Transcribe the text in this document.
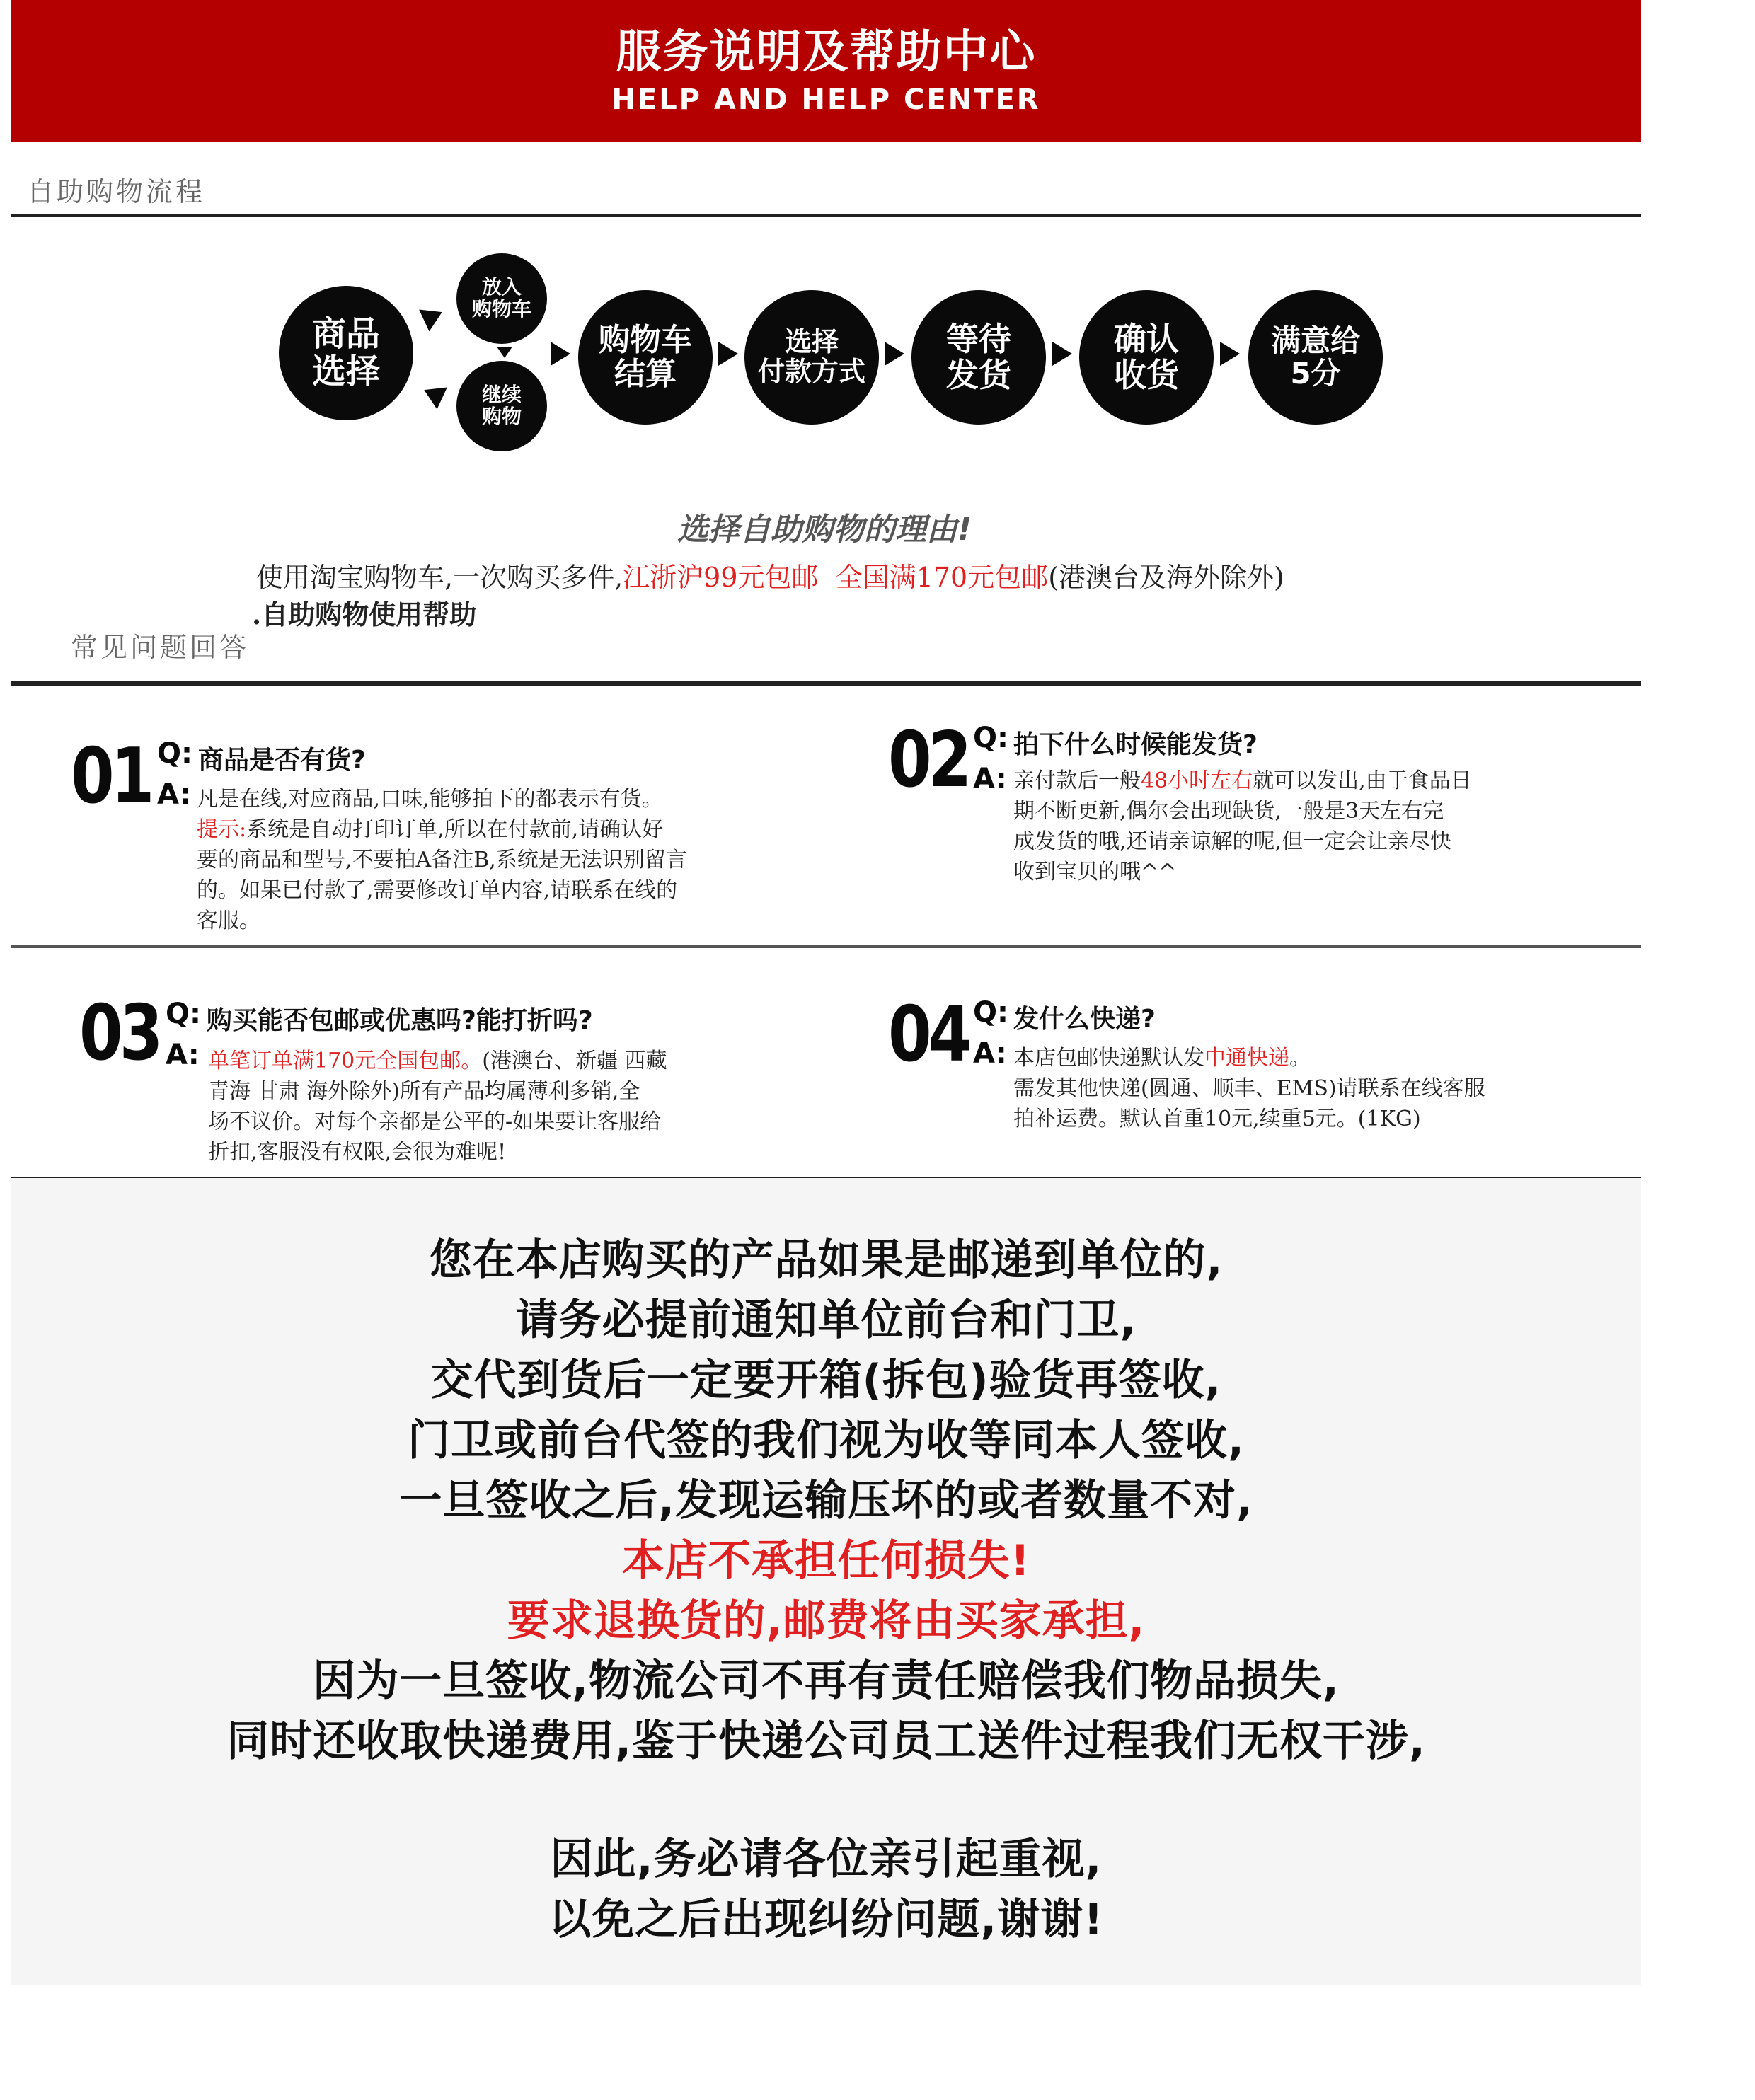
服务说明及帮助中心
HELP AND HELP CENTER
自助购物流程
商品
选择
放入
购物车
继续
购物
购物车
结算
选择
付款方式
等待
发货
确认
收货
满意给
5分
选择自助购物的理由!
使用淘宝购物车,一次购买多件,江浙沪99元包邮 全国满170元包邮(港澳台及海外除外)
.自助购物使用帮助
常见问题回答
01 Q:
A:
商品是否有货?
凡是在线,对应商品,口味,能够拍下的都表示有货。
提示:系统是自动打印订单,所以在付款前,请确认好
要的商品和型号,不要拍A备注B,系统是无法识别留言
的。如果已付款了,需要修改订单内容,请联系在线的
客服。
02 Q:
A:
拍下什么时候能发货?
亲付款后一般48小时左右就可以发出,由于食品日
期不断更新,偶尔会出现缺货,一般是3天左右完
成发货的哦,还请亲谅解的呢,但一定会让亲尽快
收到宝贝的哦^^
03 Q:
A:
购买能否包邮或优惠吗?能打折吗?
单笔订单满170元全国包邮。(港澳台、新疆 西藏
青海 甘肃 海外除外)所有产品均属薄利多销,全
场不议价。对每个亲都是公平的-如果要让客服给
折扣,客服没有权限,会很为难呢!
04 Q:
A:
发什么快递?
本店包邮快递默认发中通快递。
需发其他快递(圆通、顺丰、EMS)请联系在线客服
拍补运费。默认首重10元,续重5元。(1KG)
您在本店购买的产品如果是邮递到单位的,
请务必提前通知单位前台和门卫,
交代到货后一定要开箱(拆包)验货再签收,
门卫或前台代签的我们视为收等同本人签收,
一旦签收之后,发现运输压坏的或者数量不对,
本店不承担任何损失!
要求退换货的,邮费将由买家承担,
因为一旦签收,物流公司不再有责任赔偿我们物品损失,
同时还收取快递费用,鉴于快递公司员工送件过程我们无权干涉,
因此,务必请各位亲引起重视,
以免之后出现纠纷问题,谢谢!
